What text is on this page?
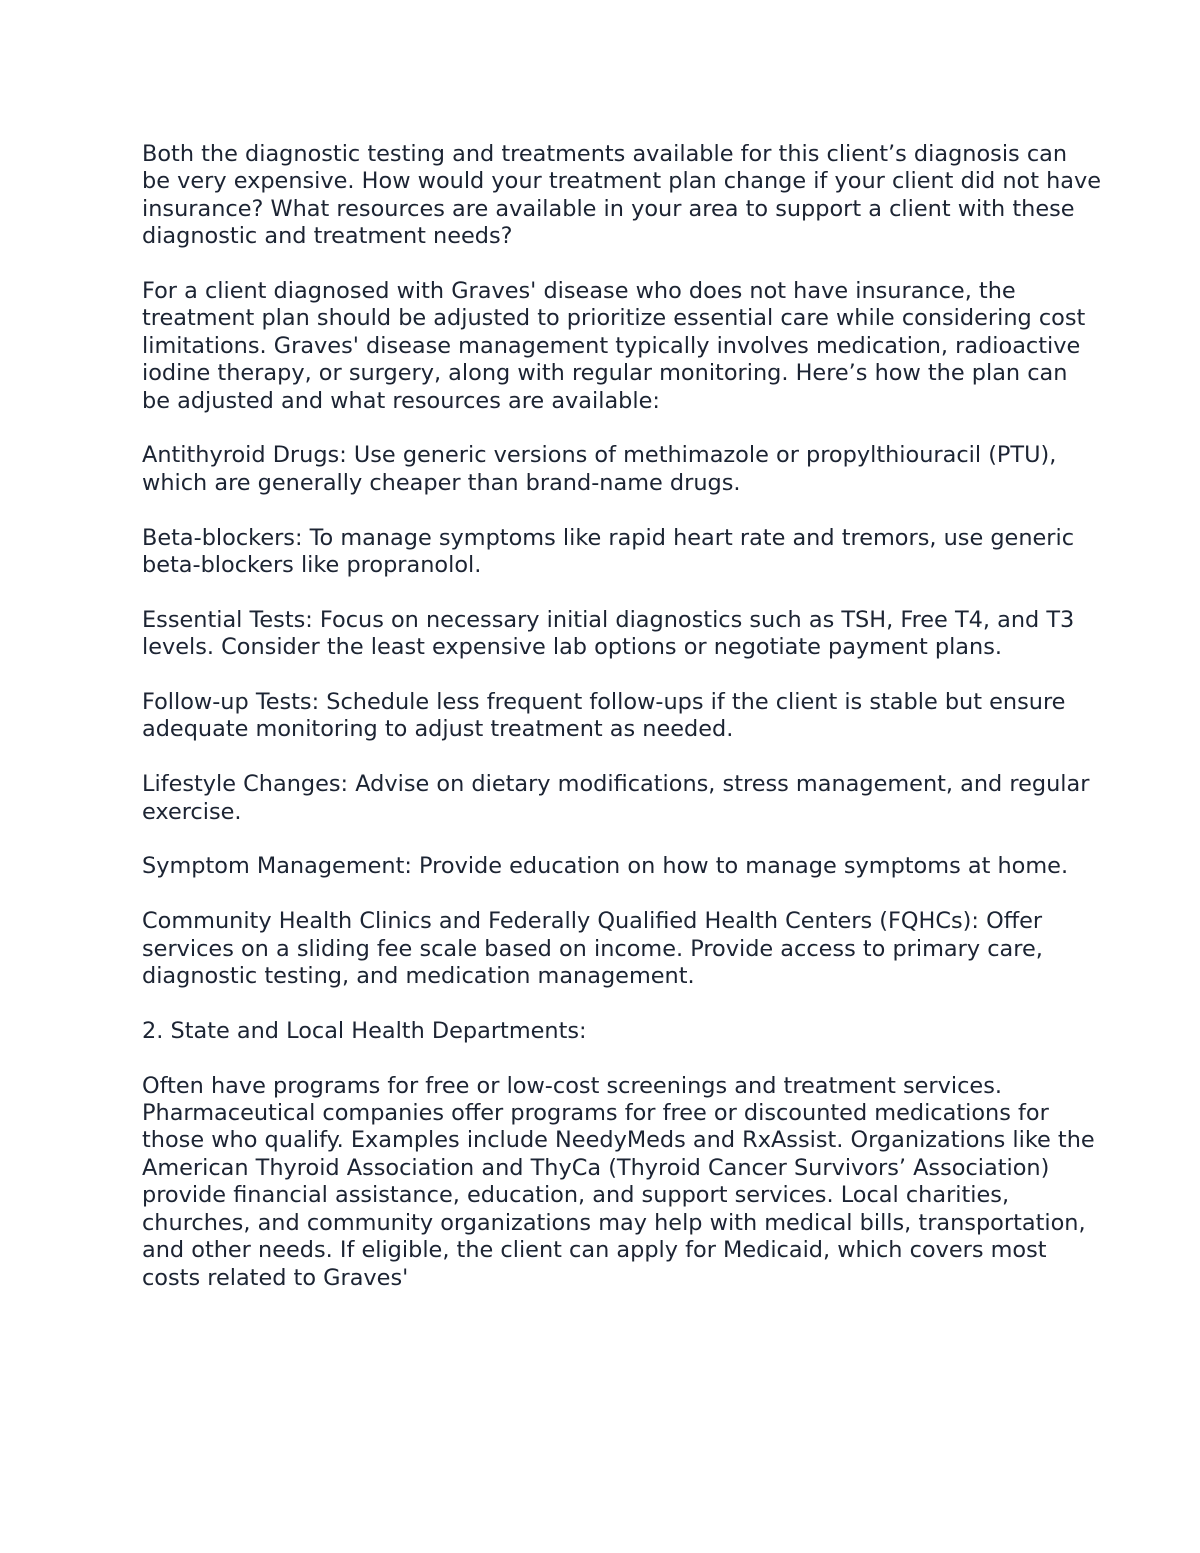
Both the diagnostic testing and treatments available for this client’s diagnosis can be very expensive. How would your treatment plan change if your client did not have insurance? What resources are available in your area to support a client with these diagnostic and treatment needs?

For a client diagnosed with Graves' disease who does not have insurance, the treatment plan should be adjusted to prioritize essential care while considering cost limitations. Graves' disease management typically involves medication, radioactive iodine therapy, or surgery, along with regular monitoring. Here’s how the plan can be adjusted and what resources are available:

Antithyroid Drugs: Use generic versions of methimazole or propylthiouracil (PTU), which are generally cheaper than brand-name drugs.

Beta-blockers: To manage symptoms like rapid heart rate and tremors, use generic beta-blockers like propranolol.

Essential Tests: Focus on necessary initial diagnostics such as TSH, Free T4, and T3 levels. Consider the least expensive lab options or negotiate payment plans.

Follow-up Tests: Schedule less frequent follow-ups if the client is stable but ensure adequate monitoring to adjust treatment as needed.

Lifestyle Changes: Advise on dietary modifications, stress management, and regular exercise.

Symptom Management: Provide education on how to manage symptoms at home.

Community Health Clinics and Federally Qualified Health Centers (FQHCs): Offer services on a sliding fee scale based on income. Provide access to primary care, diagnostic testing, and medication management.

2. State and Local Health Departments:

Often have programs for free or low-cost screenings and treatment services. Pharmaceutical companies offer programs for free or discounted medications for those who qualify. Examples include NeedyMeds and RxAssist. Organizations like the American Thyroid Association and ThyCa (Thyroid Cancer Survivors’ Association) provide financial assistance, education, and support services. Local charities, churches, and community organizations may help with medical bills, transportation, and other needs. If eligible, the client can apply for Medicaid, which covers most costs related to Graves'
